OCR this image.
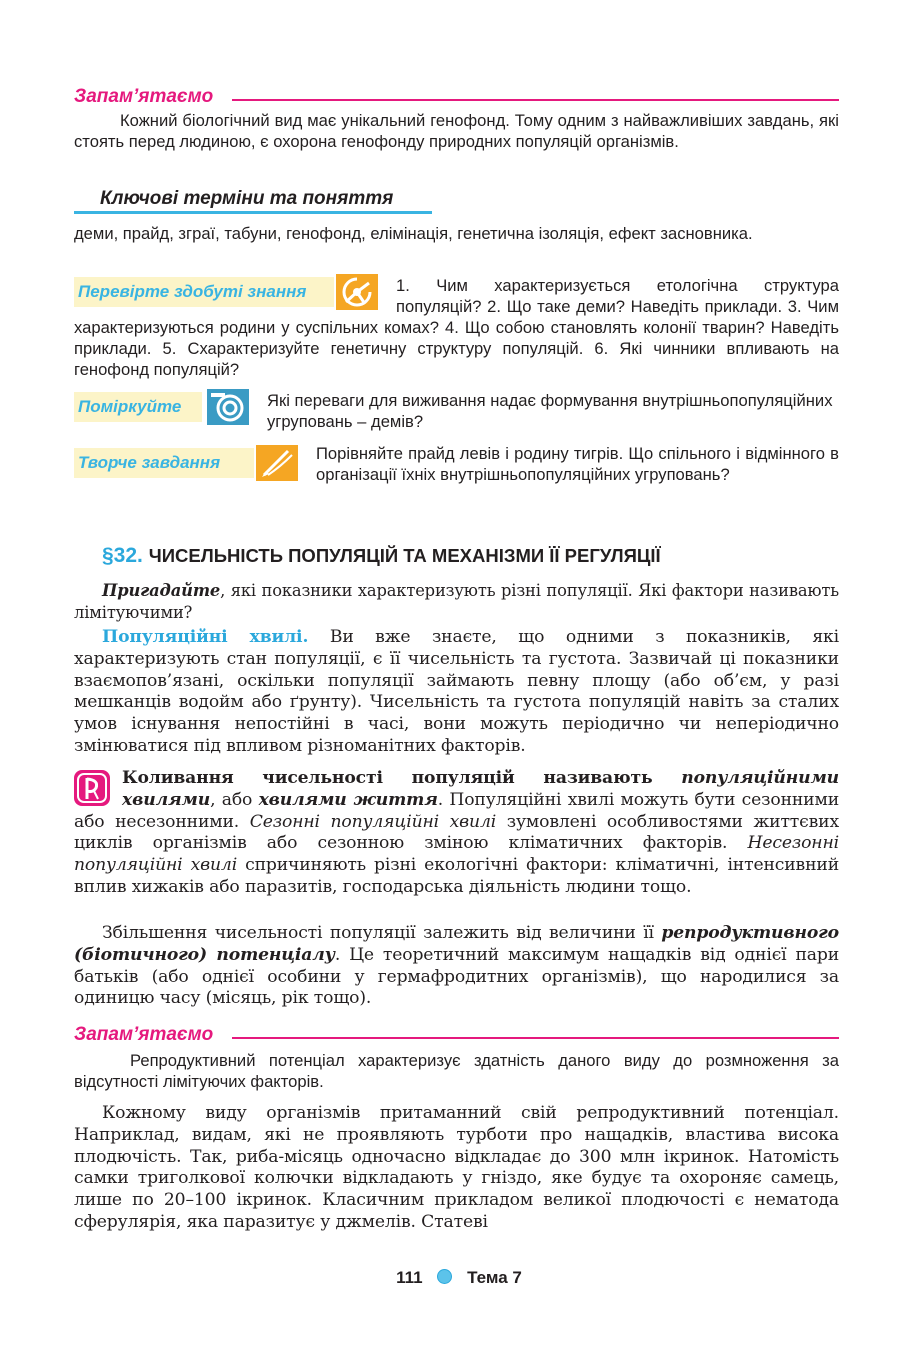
Запам’ятаємо
Кожний біологічний вид має унікальний генофонд. Тому одним з найважливіших завдань, які стоять перед людиною, є охорона генофонду природних популяцій організмів.
Ключові терміни та поняття
деми, прайд, зграї, табуни, генофонд, елімінація, генетична ізоляція, ефект засновника.
Перевірте здобуті знання	1. Чим характеризується етологічна структура популяцій? 2. Що таке деми? Наведіть приклади. 3. Чим характеризуються родини у суспільних комах? 4. Що собою становлять колонії тварин? Наведіть приклади. 5. Схарактеризуйте генетичну структуру популяцій. 6. Які чинники впливають на генофонд популяцій?
Поміркуйте	Які переваги для виживання надає формування внутрішньопопуляційних угруповань – демів?
Творче завдання	Порівняйте прайд левів і родину тигрів. Що спільного і відмінного в організації їхніх внутрішньопопуляційних угруповань?
§32. ЧИСЕЛЬНІСТЬ ПОПУЛЯЦІЙ ТА МЕХАНІЗМИ ЇЇ РЕГУЛЯЦІЇ
Пригадайте, які показники характеризують різні популяції. Які фактори називають лімітуючими?
Популяційні хвилі. Ви вже знаєте, що одними з показників, які характеризують стан популяції, є її чисельність та густота. Зазвичай ці показники взаємопов’язані, оскільки популяції займають певну площу (або об’єм, у разі мешканців водойм або ґрунту). Чисельність та густота популяцій навіть за сталих умов існування непостійні в часі, вони можуть періодично чи неперіодично змінюватися під впливом різноманітних факторів.
Коливання чисельності популяцій називають популяційними хвилями, або хвилями життя. Популяційні хвилі можуть бути сезонними або несезонними. Сезонні популяційні хвилі зумовлені особливостями життєвих циклів організмів або сезонною зміною кліматичних факторів. Несезонні популяційні хвилі спричиняють різні екологічні фактори: кліматичні, інтенсивний вплив хижаків або паразитів, господарська діяльність людини тощо.
Збільшення чисельності популяції залежить від величини її репродуктивного (біотичного) потенціалу. Це теоретичний максимум нащадків від однієї пари батьків (або однієї особини у гермафродитних організмів), що народилися за одиницю часу (місяць, рік тощо).
Запам’ятаємо
Репродуктивний потенціал характеризує здатність даного виду до розмноження за відсутності лімітуючих факторів.
Кожному виду організмів притаманний свій репродуктивний потенціал. Наприклад, видам, які не проявляють турботи про нащадків, властива висока плодючість. Так, риба-місяць одночасно відкладає до 300 млн ікринок. Натомість самки триголкової колючки відкладають у гніздо, яке будує та охороняє самець, лише по 20–100 ікринок. Класичним прикладом великої плодючості є нематода сферулярія, яка паразитує у джмелів. Статеві
111	Тема 7
